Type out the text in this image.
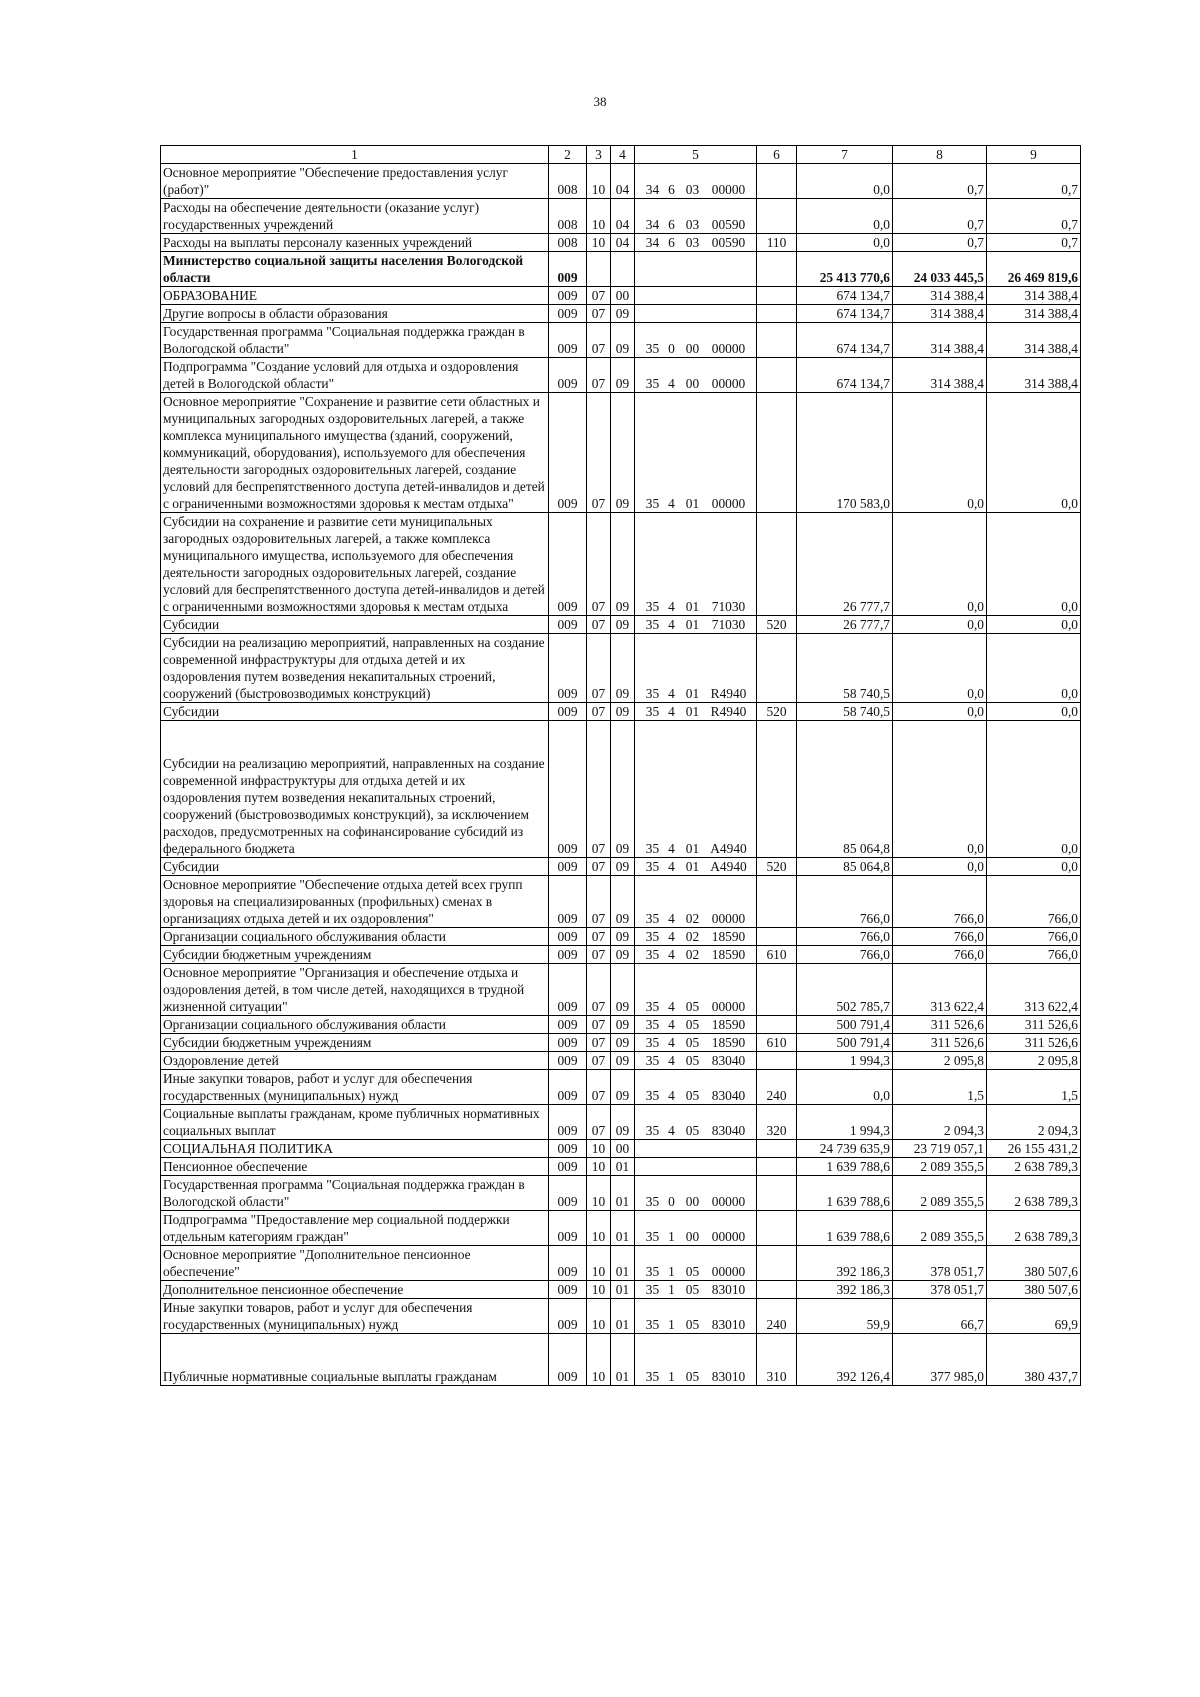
38
1	2	3	4	5	6	7	8	9
Основное мероприятие "Обеспечение предоставления услуг (работ)"	008	10	04	34 6 03 00000		0,0	0,7	0,7
Расходы на обеспечение деятельности (оказание услуг) государственных учреждений	008	10	04	34 6 03 00590		0,0	0,7	0,7
Расходы на выплаты персоналу казенных учреждений	008	10	04	34 6 03 00590	110	0,0	0,7	0,7
Министерство социальной защиты населения Вологодской области	009					25 413 770,6	24 033 445,5	26 469 819,6
ОБРАЗОВАНИЕ	009	07	00			674 134,7	314 388,4	314 388,4
Другие вопросы в области образования	009	07	09			674 134,7	314 388,4	314 388,4
Государственная программа "Социальная поддержка граждан в Вологодской области"	009	07	09	35 0 00 00000		674 134,7	314 388,4	314 388,4
Подпрограмма "Создание условий для отдыха и оздоровления детей в Вологодской области"	009	07	09	35 4 00 00000		674 134,7	314 388,4	314 388,4
Основное мероприятие "Сохранение и развитие сети областных и муниципальных загородных оздоровительных лагерей, а также комплекса муниципального имущества (зданий, сооружений, коммуникаций, оборудования), используемого для обеспечения деятельности загородных оздоровительных лагерей, создание условий для беспрепятственного доступа детей-инвалидов и детей с ограниченными возможностями здоровья к местам отдыха"	009	07	09	35 4 01 00000		170 583,0	0,0	0,0
Субсидии на сохранение и развитие сети муниципальных загородных оздоровительных лагерей, а также комплекса муниципального имущества, используемого для обеспечения деятельности загородных оздоровительных лагерей, создание условий для беспрепятственного доступа детей-инвалидов и детей с ограниченными возможностями здоровья к местам отдыха	009	07	09	35 4 01 71030		26 777,7	0,0	0,0
Субсидии	009	07	09	35 4 01 71030	520	26 777,7	0,0	0,0
Субсидии на реализацию мероприятий, направленных на создание современной инфраструктуры для отдыха детей и их оздоровления путем возведения некапитальных строений, сооружений (быстровозводимых конструкций)	009	07	09	35 4 01 R4940		58 740,5	0,0	0,0
Субсидии	009	07	09	35 4 01 R4940	520	58 740,5	0,0	0,0
Субсидии на реализацию мероприятий, направленных на создание современной инфраструктуры для отдыха детей и их оздоровления путем возведения некапитальных строений, сооружений (быстровозводимых конструкций), за исключением расходов, предусмотренных на софинансирование субсидий из федерального бюджета	009	07	09	35 4 01 A4940		85 064,8	0,0	0,0
Субсидии	009	07	09	35 4 01 A4940	520	85 064,8	0,0	0,0
Основное мероприятие "Обеспечение отдыха детей всех групп здоровья на специализированных (профильных) сменах в организациях отдыха детей и их оздоровления"	009	07	09	35 4 02 00000		766,0	766,0	766,0
Организации социального обслуживания области	009	07	09	35 4 02 18590		766,0	766,0	766,0
Субсидии бюджетным учреждениям	009	07	09	35 4 02 18590	610	766,0	766,0	766,0
Основное мероприятие "Организация и обеспечение отдыха и оздоровления детей, в том числе детей, находящихся в трудной жизненной ситуации"	009	07	09	35 4 05 00000		502 785,7	313 622,4	313 622,4
Организации социального обслуживания области	009	07	09	35 4 05 18590		500 791,4	311 526,6	311 526,6
Субсидии бюджетным учреждениям	009	07	09	35 4 05 18590	610	500 791,4	311 526,6	311 526,6
Оздоровление детей	009	07	09	35 4 05 83040		1 994,3	2 095,8	2 095,8
Иные закупки товаров, работ и услуг для обеспечения государственных (муниципальных) нужд	009	07	09	35 4 05 83040	240	0,0	1,5	1,5
Социальные выплаты гражданам, кроме публичных нормативных социальных выплат	009	07	09	35 4 05 83040	320	1 994,3	2 094,3	2 094,3
СОЦИАЛЬНАЯ ПОЛИТИКА	009	10	00			24 739 635,9	23 719 057,1	26 155 431,2
Пенсионное обеспечение	009	10	01			1 639 788,6	2 089 355,5	2 638 789,3
Государственная программа "Социальная поддержка граждан в Вологодской области"	009	10	01	35 0 00 00000		1 639 788,6	2 089 355,5	2 638 789,3
Подпрограмма "Предоставление мер социальной поддержки отдельным категориям граждан"	009	10	01	35 1 00 00000		1 639 788,6	2 089 355,5	2 638 789,3
Основное мероприятие "Дополнительное пенсионное обеспечение"	009	10	01	35 1 05 00000		392 186,3	378 051,7	380 507,6
Дополнительное пенсионное обеспечение	009	10	01	35 1 05 83010		392 186,3	378 051,7	380 507,6
Иные закупки товаров, работ и услуг для обеспечения государственных (муниципальных) нужд	009	10	01	35 1 05 83010	240	59,9	66,7	69,9
Публичные нормативные социальные выплаты гражданам	009	10	01	35 1 05 83010	310	392 126,4	377 985,0	380 437,7
